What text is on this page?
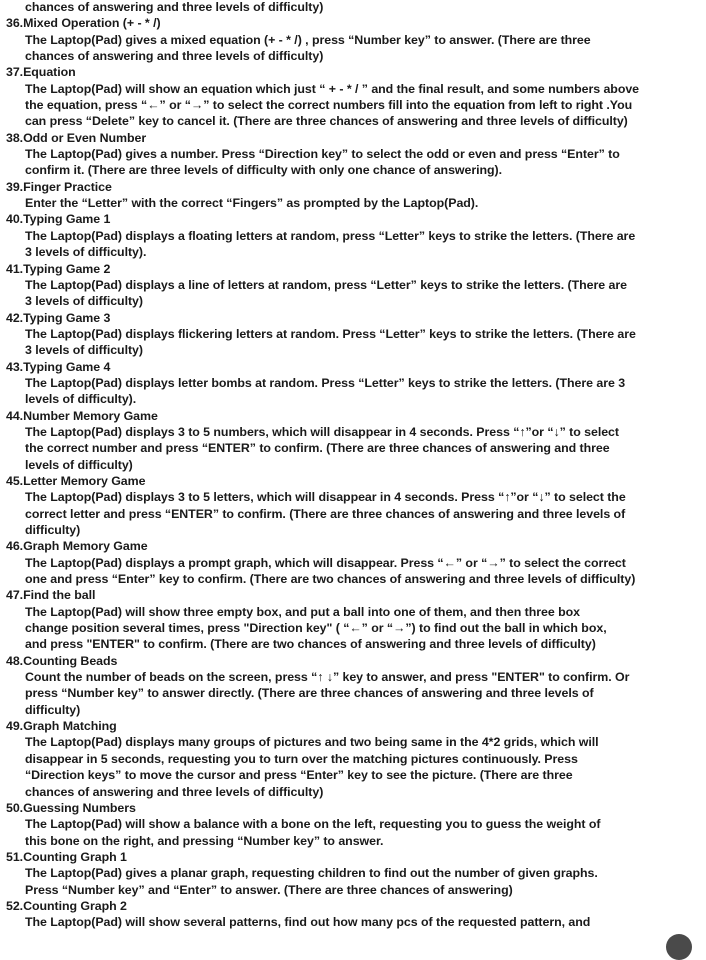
chances of answering and three levels of difficulty)
36.Mixed Operation (+ - * /)
The Laptop(Pad) gives a mixed equation (+ - * /) , press “Number key” to answer. (There are three
chances of answering and three levels of difficulty)
37.Equation
The Laptop(Pad) will show an equation which just “ + - * / ” and the final result, and some numbers above
the equation, press “←” or “→” to select the correct numbers fill into the equation from left to right .You
can press “Delete” key to cancel it. (There are three chances of answering and three levels of difficulty)
38.Odd or Even Number
The Laptop(Pad) gives a number. Press “Direction key” to select the odd or even and press “Enter” to
confirm it. (There are three levels of difficulty with only one chance of answering).
39.Finger Practice
Enter the “Letter” with the correct “Fingers” as prompted by the Laptop(Pad).
40.Typing Game 1
The Laptop(Pad) displays a floating letters at random, press “Letter” keys to strike the letters. (There are
3 levels of difficulty).
41.Typing Game 2
The Laptop(Pad) displays a line of letters at random, press “Letter” keys to strike the letters. (There are
3 levels of difficulty)
42.Typing Game 3
The Laptop(Pad) displays flickering letters at random. Press “Letter” keys to strike the letters. (There are
3 levels of difficulty)
43.Typing Game 4
The Laptop(Pad) displays letter bombs at random. Press “Letter” keys to strike the letters. (There are 3
levels of difficulty).
44.Number Memory Game
The Laptop(Pad) displays 3 to 5 numbers, which will disappear in 4 seconds. Press “↑”or “↓” to select
the correct number and press “ENTER” to confirm. (There are three chances of answering and three
levels of difficulty)
45.Letter Memory Game
The Laptop(Pad) displays 3 to 5 letters, which will disappear in 4 seconds. Press “↑”or “↓” to select the
correct letter and press “ENTER” to confirm. (There are three chances of answering and three levels of
difficulty)
46.Graph Memory Game
The Laptop(Pad) displays a prompt graph, which will disappear. Press “←” or “→” to select the correct
one and press “Enter” key to confirm. (There are two chances of answering and three levels of difficulty)
47.Find the ball
The Laptop(Pad) will show three empty box, and put a ball into one of them, and then three box
change position several times, press "Direction key" ( “←” or “→”) to find out the ball in which box,
and press "ENTER" to confirm. (There are two chances of answering and three levels of difficulty)
48.Counting Beads
Count the number of beads on the screen, press “↑ ↓” key to answer, and press "ENTER" to confirm. Or
press “Number key” to answer directly. (There are three chances of answering and three levels of
difficulty)
49.Graph Matching
The Laptop(Pad) displays many groups of pictures and two being same in the 4*2 grids, which will
disappear in 5 seconds, requesting you to turn over the matching pictures continuously. Press
“Direction keys” to move the cursor and press “Enter” key to see the picture. (There are three
chances of answering and three levels of difficulty)
50.Guessing Numbers
The Laptop(Pad) will show a balance with a bone on the left, requesting you to guess the weight of
this bone on the right, and pressing “Number key” to answer.
51.Counting Graph 1
The Laptop(Pad) gives a planar graph, requesting children to find out the number of given graphs.
Press “Number key” and “Enter” to answer. (There are three chances of answering)
52.Counting Graph 2
The Laptop(Pad) will show several patterns, find out how many pcs of the requested pattern, and
